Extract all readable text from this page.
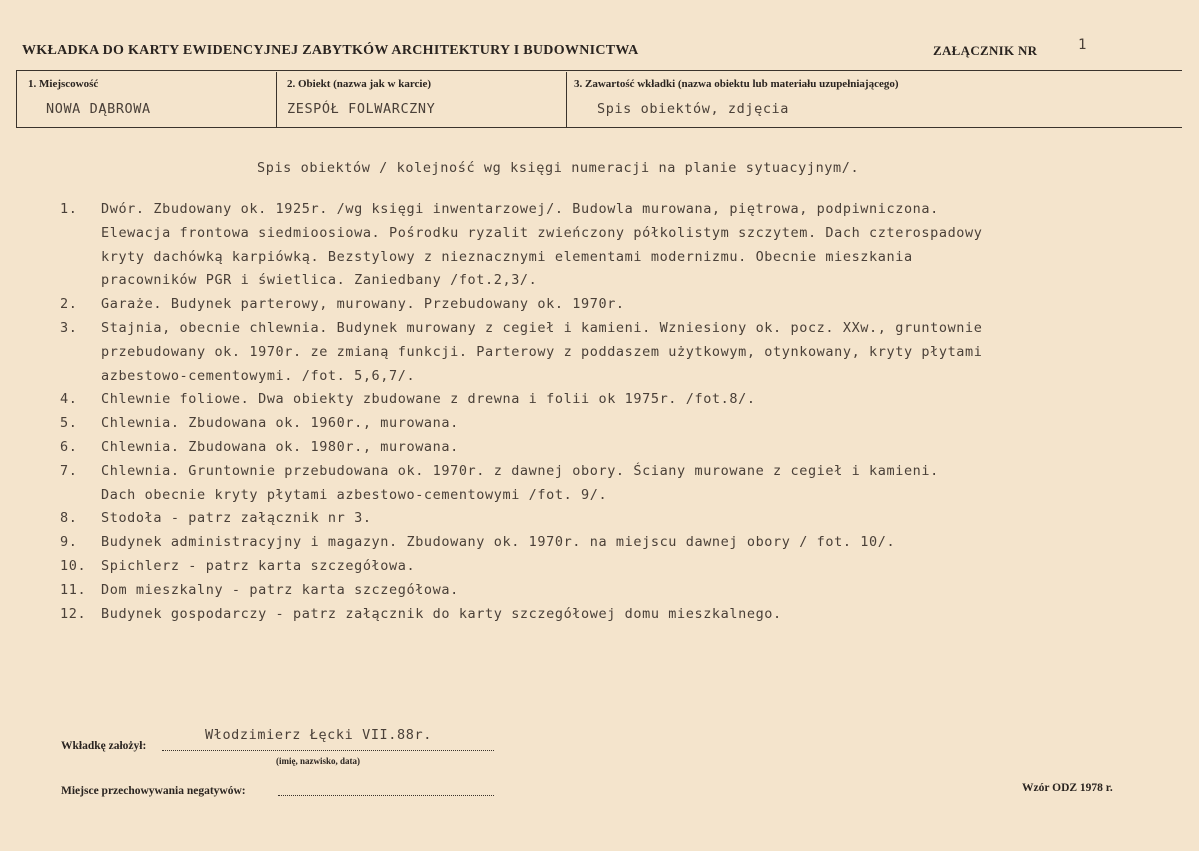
WKŁADKA DO KARTY EWIDENCYJNEJ ZABYTKÓW ARCHITEKTURY I BUDOWNICTWA	ZAŁĄCZNIK NR	1
1. Miejscowość
NOWA DĄBROWA
2. Obiekt (nazwa jak w karcie)
ZESPÓŁ FOLWARCZNY
3. Zawartość wkładki (nazwa obiektu lub materiału uzupełniającego)
Spis obiektów, zdjęcia
Spis obiektów / kolejność wg księgi numeracji na planie sytuacyjnym/.
1. Dwór. Zbudowany ok. 1925r. /wg księgi inwentarzowej/. Budowla murowana, piętrowa, podpiwniczona.
Elewacja frontowa siedmioosiowa. Pośrodku ryzalit zwieńczony półkolistym szczytem. Dach czterospadowy
kryty dachówką karpiówką. Bezstylowy z nieznacznymi elementami modernizmu. Obecnie mieszkania
pracowników PGR i świetlica. Zaniedbany /fot.2,3/.
2. Garaże. Budynek parterowy, murowany. Przebudowany ok. 1970r.
3. Stajnia, obecnie chlewnia. Budynek murowany z cegieł i kamieni. Wzniesiony ok. pocz. XXw., gruntownie
przebudowany ok. 1970r. ze zmianą funkcji. Parterowy z poddaszem użytkowym, otynkowany, kryty płytami
azbestowo-cementowymi. /fot. 5,6,7/.
4. Chlewnie foliowe. Dwa obiekty zbudowane z drewna i folii ok 1975r. /fot.8/.
5. Chlewnia. Zbudowana ok. 1960r., murowana.
6. Chlewnia. Zbudowana ok. 1980r., murowana.
7. Chlewnia. Gruntownie przebudowana ok. 1970r. z dawnej obory. Ściany murowane z cegieł i kamieni.
Dach obecnie kryty płytami azbestowo-cementowymi /fot. 9/.
8. Stodoła - patrz załącznik nr 3.
9. Budynek administracyjny i magazyn. Zbudowany ok. 1970r. na miejscu dawnej obory / fot. 10/.
10. Spichlerz - patrz karta szczegółowa.
11. Dom mieszkalny - patrz karta szczegółowa.
12. Budynek gospodarczy - patrz załącznik do karty szczegółowej domu mieszkalnego.
Wkładkę założył:
Włodzimierz Łęcki VII.88r.
(imię, nazwisko, data)
Miejsce przechowywania negatywów:	Wzór ODZ 1978 r.
